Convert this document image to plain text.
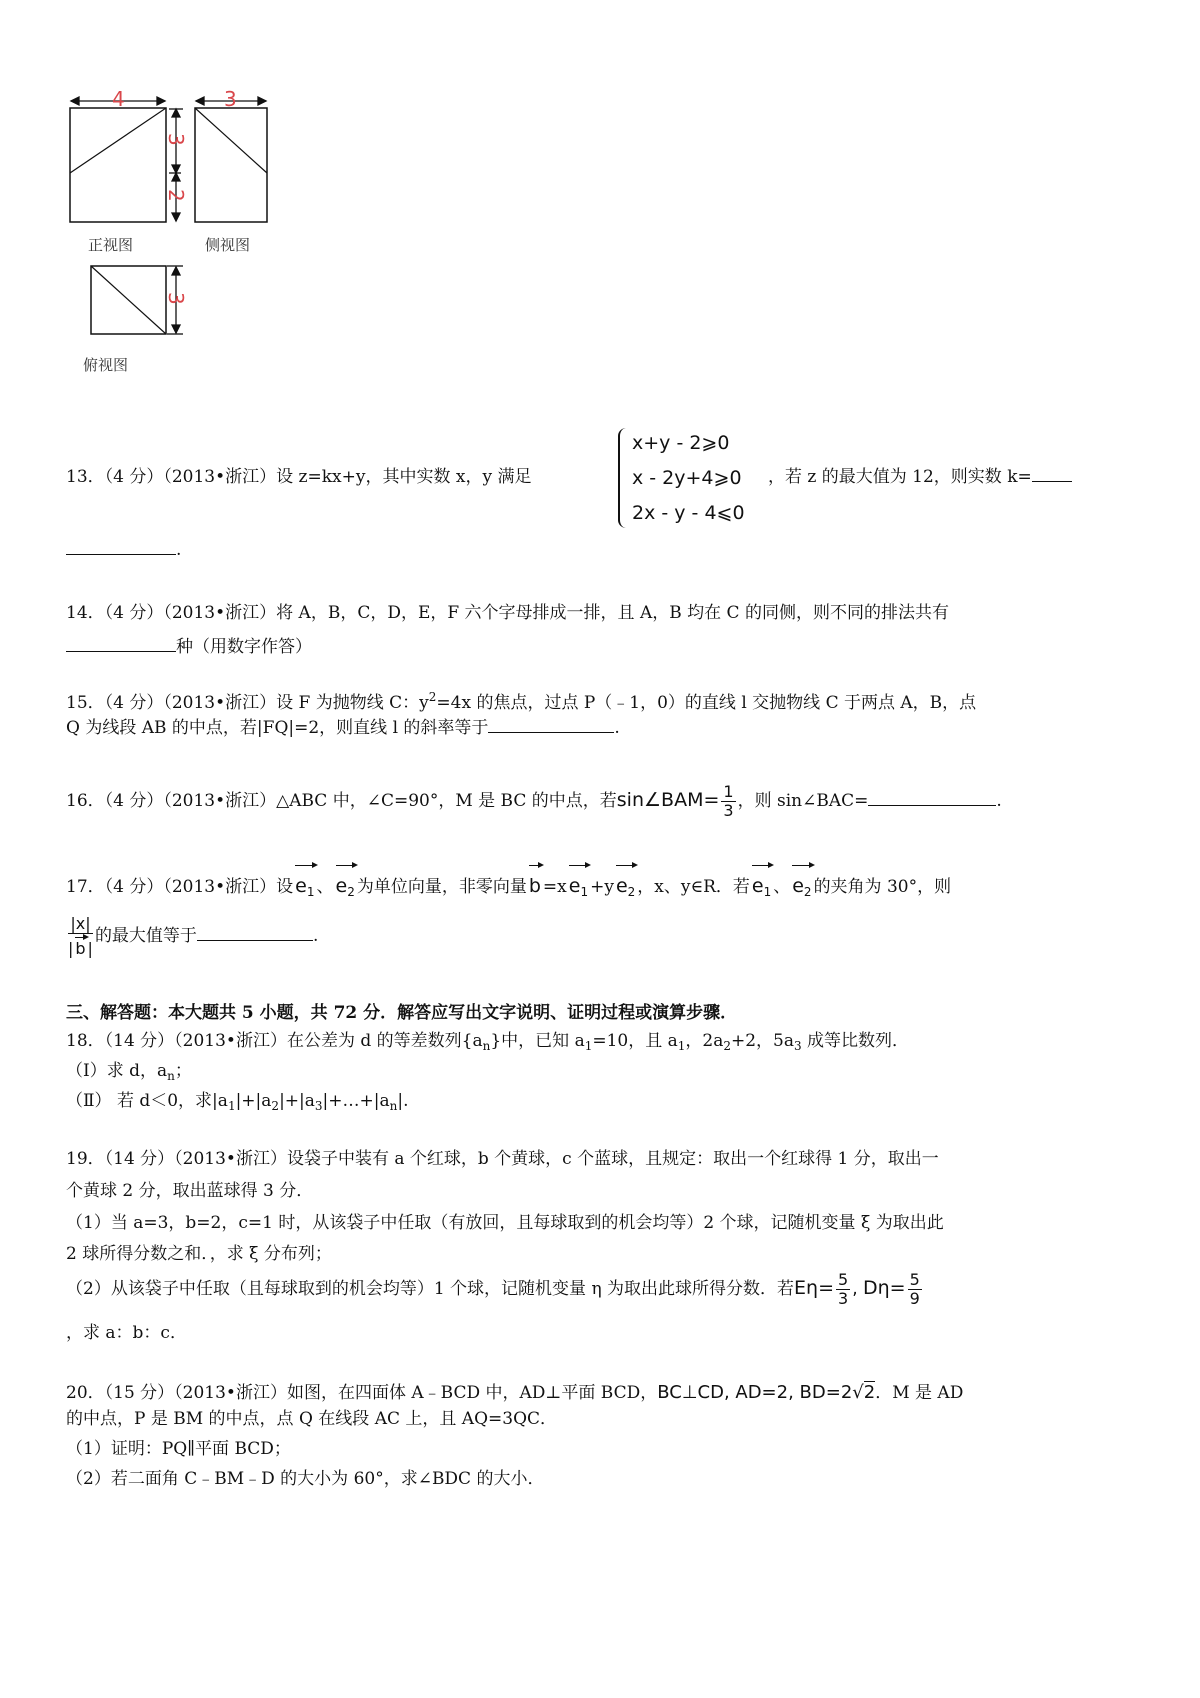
4	3
3
2
3
正视图	侧视图
俯视图
13．（4 分）（2013•浙江）设 z=kx+y，其中实数 x，y 满足
x+y - 2⩾0
x - 2y+4⩾0
2x - y - 4⩽0
，若 z 的最大值为 12，则实数 k=
.
14．（4 分）（2013•浙江）将 A，B，C，D，E，F 六个字母排成一排，且 A，B 均在 C 的同侧，则不同的排法共有
种（用数字作答）
15．（4 分）（2013•浙江）设 F 为抛物线 C：$y^2=4x$ 的焦点，过点 P（﹣1，0）的直线 l 交抛物线 C 于两点 A，B，点
Q 为线段 AB 的中点，若|FQ|=2，则直线 l 的斜率等于	.
16．（4 分）（2013•浙江）△ABC 中，∠C=90°，M 是 BC 的中点，若sin∠BAM= $\frac{1}{3}$ ，则 sin∠BAC=	.
17．（4 分）（2013•浙江）设 $e_1$ 、 $e_2$ 为单位向量，非零向量 b =x $e_1 +y$ $e_2$ ，x、y∈R．若 $e_1$ 、 $e_2$ 的夹角为 30°，则
$\frac{|x|}{| b |}$ 的最大值等于	.
三、解答题：本大题共 5 小题，共 72 分．解答应写出文字说明、证明过程或演算步骤．
18．（14 分）（2013•浙江）在公差为 d 的等差数列$\{a_n\}$中，已知 $a_1=10$，且 $a_1$，$2a_2+2$，$5a_3$ 成等比数列．
（Ⅰ）求 d，$a_n$；
（Ⅱ） 若 d＜0，求$|a_1|+|a_2|+|a_3|+\dots+|a_n|$.
19．（14 分）（2013•浙江）设袋子中装有 a 个红球，b 个黄球，c 个蓝球，且规定：取出一个红球得 1 分，取出一
个黄球 2 分，取出蓝球得 3 分．
（1）当 a=3，b=2，c=1 时，从该袋子中任取（有放回，且每球取到的机会均等）2 个球，记随机变量 ξ 为取出此
2 球所得分数之和．，求 ξ 分布列；
（2）从该袋子中任取（且每球取到的机会均等）1 个球，记随机变量 η 为取出此球所得分数．若$E\eta= \frac{5}{3}$ , $D\eta= \frac{5}{9}$
，求 a：b：c．
20．（15 分）（2013•浙江）如图，在四面体 A﹣BCD 中，AD⊥平面 BCD，BC⊥CD, AD=2, BD=2√2．M 是 AD
的中点，P 是 BM 的中点，点 Q 在线段 AC 上，且 AQ=3QC．
（1）证明：PQ∥平面 BCD；
（2）若二面角 C﹣BM﹣D 的大小为 60°，求∠BDC 的大小．
